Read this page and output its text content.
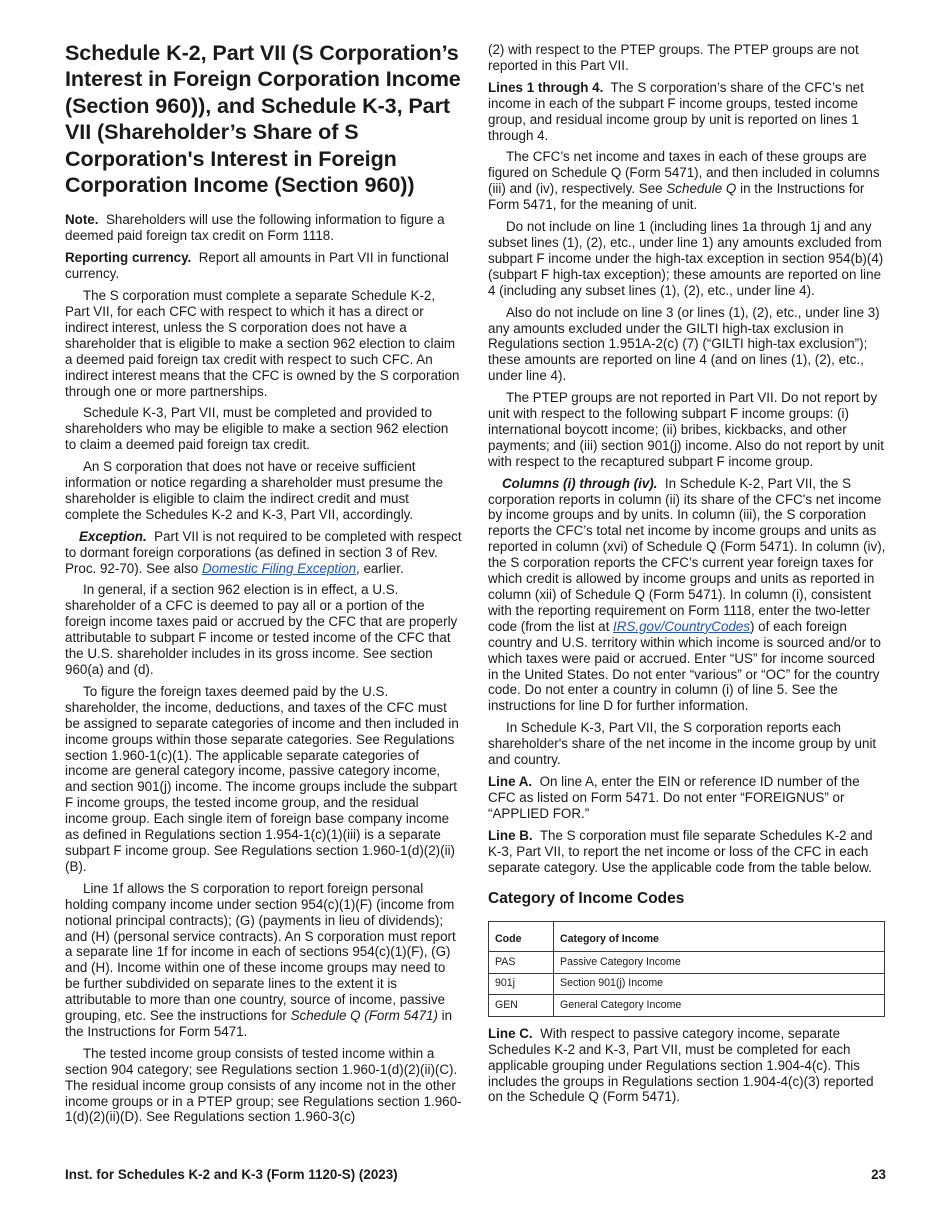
Schedule K-2, Part VII (S Corporation’s Interest in Foreign Corporation Income (Section 960)), and Schedule K-3, Part VII (Shareholder’s Share of S Corporation's Interest in Foreign Corporation Income (Section 960))

Note. Shareholders will use the following information to figure a deemed paid foreign tax credit on Form 1118.

Reporting currency. Report all amounts in Part VII in functional currency.

The S corporation must complete a separate Schedule K-2, Part VII, for each CFC with respect to which it has a direct or indirect interest, unless the S corporation does not have a shareholder that is eligible to make a section 962 election to claim a deemed paid foreign tax credit with respect to such CFC. An indirect interest means that the CFC is owned by the S corporation through one or more partnerships.

Schedule K-3, Part VII, must be completed and provided to shareholders who may be eligible to make a section 962 election to claim a deemed paid foreign tax credit.

An S corporation that does not have or receive sufficient information or notice regarding a shareholder must presume the shareholder is eligible to claim the indirect credit and must complete the Schedules K-2 and K-3, Part VII, accordingly.

Exception. Part VII is not required to be completed with respect to dormant foreign corporations (as defined in section 3 of Rev. Proc. 92-70). See also Domestic Filing Exception, earlier.

In general, if a section 962 election is in effect, a U.S. shareholder of a CFC is deemed to pay all or a portion of the foreign income taxes paid or accrued by the CFC that are properly attributable to subpart F income or tested income of the CFC that the U.S. shareholder includes in its gross income. See section 960(a) and (d).

To figure the foreign taxes deemed paid by the U.S. shareholder, the income, deductions, and taxes of the CFC must be assigned to separate categories of income and then included in income groups within those separate categories. See Regulations section 1.960-1(c)(1). The applicable separate categories of income are general category income, passive category income, and section 901(j) income. The income groups include the subpart F income groups, the tested income group, and the residual income group. Each single item of foreign base company income as defined in Regulations section 1.954-1(c)(1)(iii) is a separate subpart F income group. See Regulations section 1.960-1(d)(2)(ii)(B).

Line 1f allows the S corporation to report foreign personal holding company income under section 954(c)(1)(F) (income from notional principal contracts); (G) (payments in lieu of dividends); and (H) (personal service contracts). An S corporation must report a separate line 1f for income in each of sections 954(c)(1)(F), (G) and (H). Income within one of these income groups may need to be further subdivided on separate lines to the extent it is attributable to more than one country, source of income, passive grouping, etc. See the instructions for Schedule Q (Form 5471) in the Instructions for Form 5471.

The tested income group consists of tested income within a section 904 category; see Regulations section 1.960-1(d)(2)(ii)(C). The residual income group consists of any income not in the other income groups or in a PTEP group; see Regulations section 1.960-1(d)(2)(ii)(D). See Regulations section 1.960-3(c)

(2) with respect to the PTEP groups. The PTEP groups are not reported in this Part VII.

Lines 1 through 4. The S corporation’s share of the CFC’s net income in each of the subpart F income groups, tested income group, and residual income group by unit is reported on lines 1 through 4.

The CFC’s net income and taxes in each of these groups are figured on Schedule Q (Form 5471), and then included in columns (iii) and (iv), respectively. See Schedule Q in the Instructions for Form 5471, for the meaning of unit.

Do not include on line 1 (including lines 1a through 1j and any subset lines (1), (2), etc., under line 1) any amounts excluded from subpart F income under the high-tax exception in section 954(b)(4) (subpart F high-tax exception); these amounts are reported on line 4 (including any subset lines (1), (2), etc., under line 4).

Also do not include on line 3 (or lines (1), (2), etc., under line 3) any amounts excluded under the GILTI high-tax exclusion in Regulations section 1.951A-2(c) (7) (“GILTI high-tax exclusion”); these amounts are reported on line 4 (and on lines (1), (2), etc., under line 4).

The PTEP groups are not reported in Part VII. Do not report by unit with respect to the following subpart F income groups: (i) international boycott income; (ii) bribes, kickbacks, and other payments; and (iii) section 901(j) income. Also do not report by unit with respect to the recaptured subpart F income group.

Columns (i) through (iv). In Schedule K-2, Part VII, the S corporation reports in column (ii) its share of the CFC's net income by income groups and by units. In column (iii), the S corporation reports the CFC’s total net income by income groups and units as reported in column (xvi) of Schedule Q (Form 5471). In column (iv), the S corporation reports the CFC’s current year foreign taxes for which credit is allowed by income groups and units as reported in column (xii) of Schedule Q (Form 5471). In column (i), consistent with the reporting requirement on Form 1118, enter the two-letter code (from the list at IRS.gov/CountryCodes) of each foreign country and U.S. territory within which income is sourced and/or to which taxes were paid or accrued. Enter “US” for income sourced in the United States. Do not enter “various” or “OC” for the country code. Do not enter a country in column (i) of line 5. See the instructions for line D for further information.

In Schedule K-3, Part VII, the S corporation reports each shareholder's share of the net income in the income group by unit and country.

Line A. On line A, enter the EIN or reference ID number of the CFC as listed on Form 5471. Do not enter “FOREIGNUS” or “APPLIED FOR.”

Line B. The S corporation must file separate Schedules K-2 and K-3, Part VII, to report the net income or loss of the CFC in each separate category. Use the applicable code from the table below.

Category of Income Codes
Code	Category of Income
PAS	Passive Category Income
901j	Section 901(j) Income
GEN	General Category Income

Line C. With respect to passive category income, separate Schedules K-2 and K-3, Part VII, must be completed for each applicable grouping under Regulations section 1.904-4(c). This includes the groups in Regulations section 1.904-4(c)(3) reported on the Schedule Q (Form 5471).

Inst. for Schedules K-2 and K-3 (Form 1120-S) (2023)	23
